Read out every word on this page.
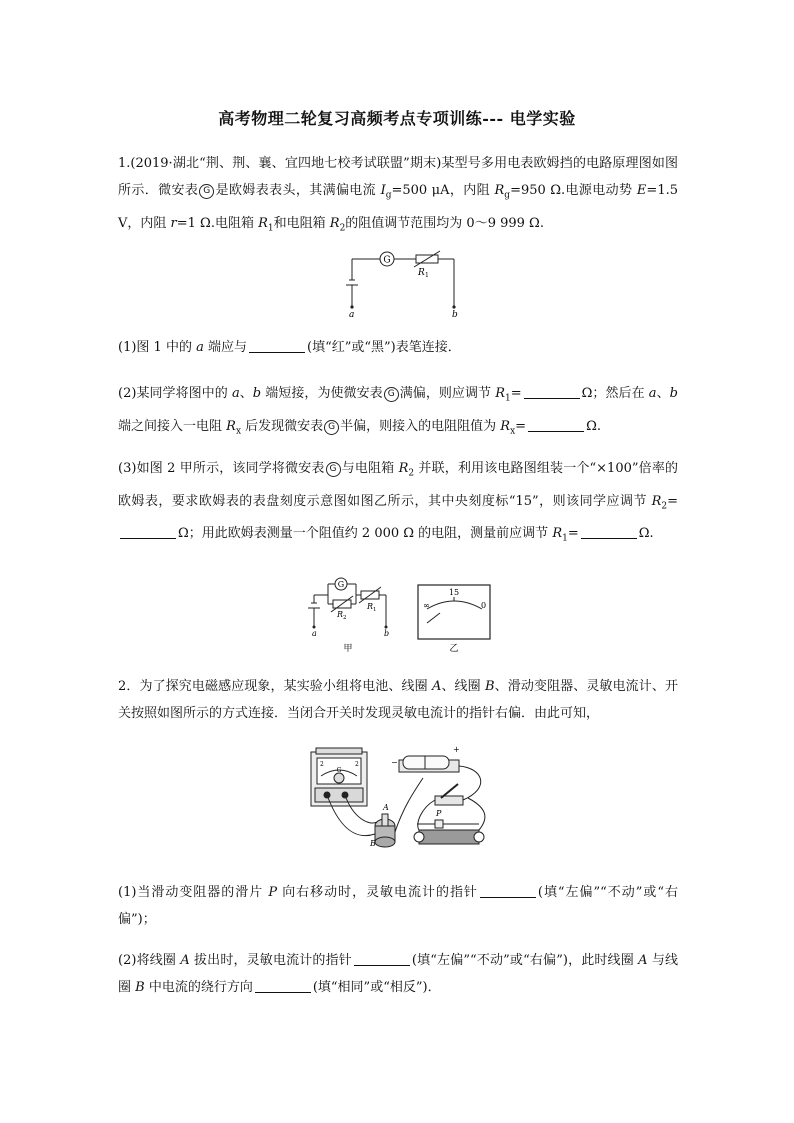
高考物理二轮复习高频考点专项训练--- 电学实验
1.(2019·湖北“荆、荆、襄、宜四地七校考试联盟”期末)某型号多用电表欧姆挡的电路原理图如图所示．微安表 G 是欧姆表表头，其满偏电流 $I_g=500$ μA，内阻 $R_g=950$ Ω.电源电动势 E=1.5 V，内阻 r=1 Ω.电阻箱 $R_1$和电阻箱 $R_2$的阻值调节范围均为 0～9 999 Ω.
G
R 1
a	b
(1)图 1 中的 a 端应与	(填“红”或“黑”)表笔连接．
(2)某同学将图中的 a、b 端短接，为使微安表 G 满偏，则应调节 $R_1=$	Ω；然后在 a、b 端之间接入一电阻 $R_x$ 后发现微安表 G 半偏，则接入的电阻阻值为 $R_x=$	Ω.
(3)如图 2 甲所示，该同学将微安表 G 与电阻箱 $R_2$ 并联，利用该电路图组装一个“×100”倍率的欧姆表，要求欧姆表的表盘刻度示意图如图乙所示，其中央刻度标“15”，则该同学应调节 $R_2=\Omega$；用此欧姆表测量一个阻值约 2 000 Ω 的电阻，测量前应调节 $R_1=$	Ω.
G
R 2
R 1
a	b
甲
∞
15
0
乙
2．为了探究电磁感应现象，某实验小组将电池、线圈 A、线圈 B、滑动变阻器、灵敏电流计、开关按照如图所示的方式连接．当闭合开关时发现灵敏电流计的指针右偏．由此可知，
G
2	2	−
+
A
B
P
(1)当滑动变阻器的滑片 P 向右移动时，灵敏电流计的指针	(填“左偏”“不动”或“右偏”)；
(2)将线圈 A 拔出时，灵敏电流计的指针	(填“左偏”“不动”或“右偏”)，此时线圈 A 与线圈 B 中电流的绕行方向	(填“相同”或“相反”)．
